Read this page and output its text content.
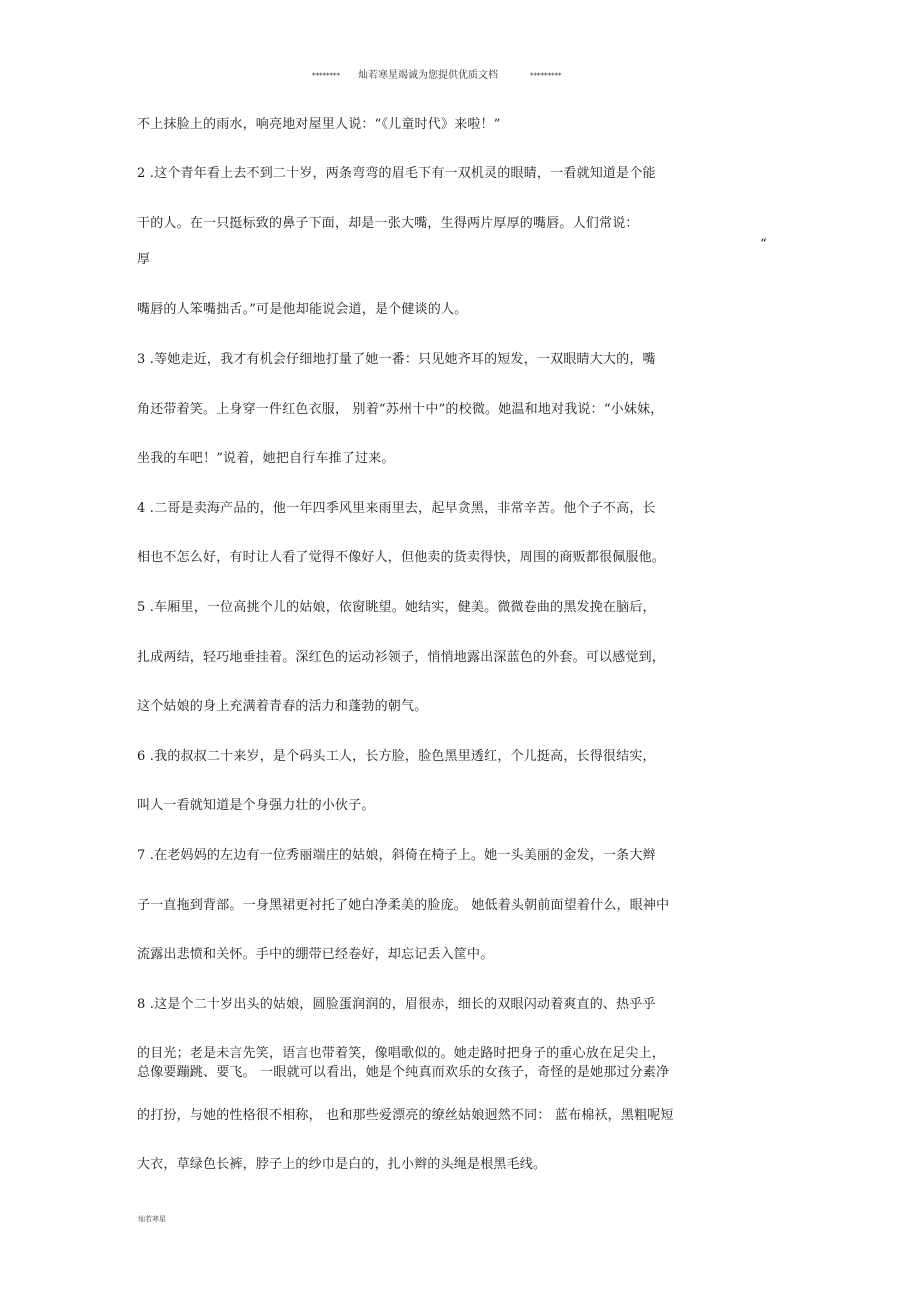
******** 灿若寒星竭诚为您提供优质文档	*********
不上抹脸上的雨水，响亮地对屋里人说：“《儿童时代》来啦！”
2 .这个青年看上去不到二十岁，两条弯弯的眉毛下有一双机灵的眼睛，一看就知道是个能
干的人。在一只挺标致的鼻子下面，却是一张大嘴，生得两片厚厚的嘴唇。人们常说：
“
厚
嘴唇的人笨嘴拙舌。”可是他却能说会道，是个健谈的人。
3 .等她走近，我才有机会仔细地打量了她一番：只见她齐耳的短发，一双眼睛大大的，嘴
角还带着笑。上身穿一件红色衣服， 别着“苏州十中”的校微。她温和地对我说：“小妹妹，
坐我的车吧！”说着，她把自行车推了过来。
4 .二哥是卖海产品的，他一年四季风里来雨里去，起早贪黑，非常辛苦。他个子不高，长
相也不怎么好，有时让人看了觉得不像好人，但他卖的货卖得快，周围的商贩都很佩服他。
5 .车厢里，一位高挑个儿的姑娘，依窗眺望。她结实，健美。微微卷曲的黑发挽在脑后，
扎成两结，轻巧地垂挂着。深红色的运动衫领子，悄悄地露出深蓝色的外套。可以感觉到，
这个姑娘的身上充满着青春的活力和蓬勃的朝气。
6 .我的叔叔二十来岁，是个码头工人，长方脸，脸色黑里透红，个儿挺高，长得很结实，
叫人一看就知道是个身强力壮的小伙子。
7 .在老妈妈的左边有一位秀丽端庄的姑娘，斜倚在椅子上。她一头美丽的金发，一条大辫
子一直拖到背部。一身黑裙更衬托了她白净柔美的脸庞。 她低着头朝前面望着什么，眼神中
流露出悲愤和关怀。手中的绷带已经卷好，却忘记丢入筐中。
8 .这是个二十岁出头的姑娘，圆脸蛋润润的，眉很赤，细长的双眼闪动着爽直的、热乎乎
的目光；老是未言先笑，语言也带着笑，像唱歌似的。她走路时把身子的重心放在足尖上，
总像要蹦跳、要飞。 一眼就可以看出，她是个纯真而欢乐的女孩子，奇怪的是她那过分素净
的打扮，与她的性格很不相称， 也和那些爱漂亮的缭丝姑娘迥然不同： 蓝布棉袄，黑粗呢短
大衣，草绿色长裤，脖子上的纱巾是白的，扎小辫的头绳是根黑毛线。
灿若寒星
